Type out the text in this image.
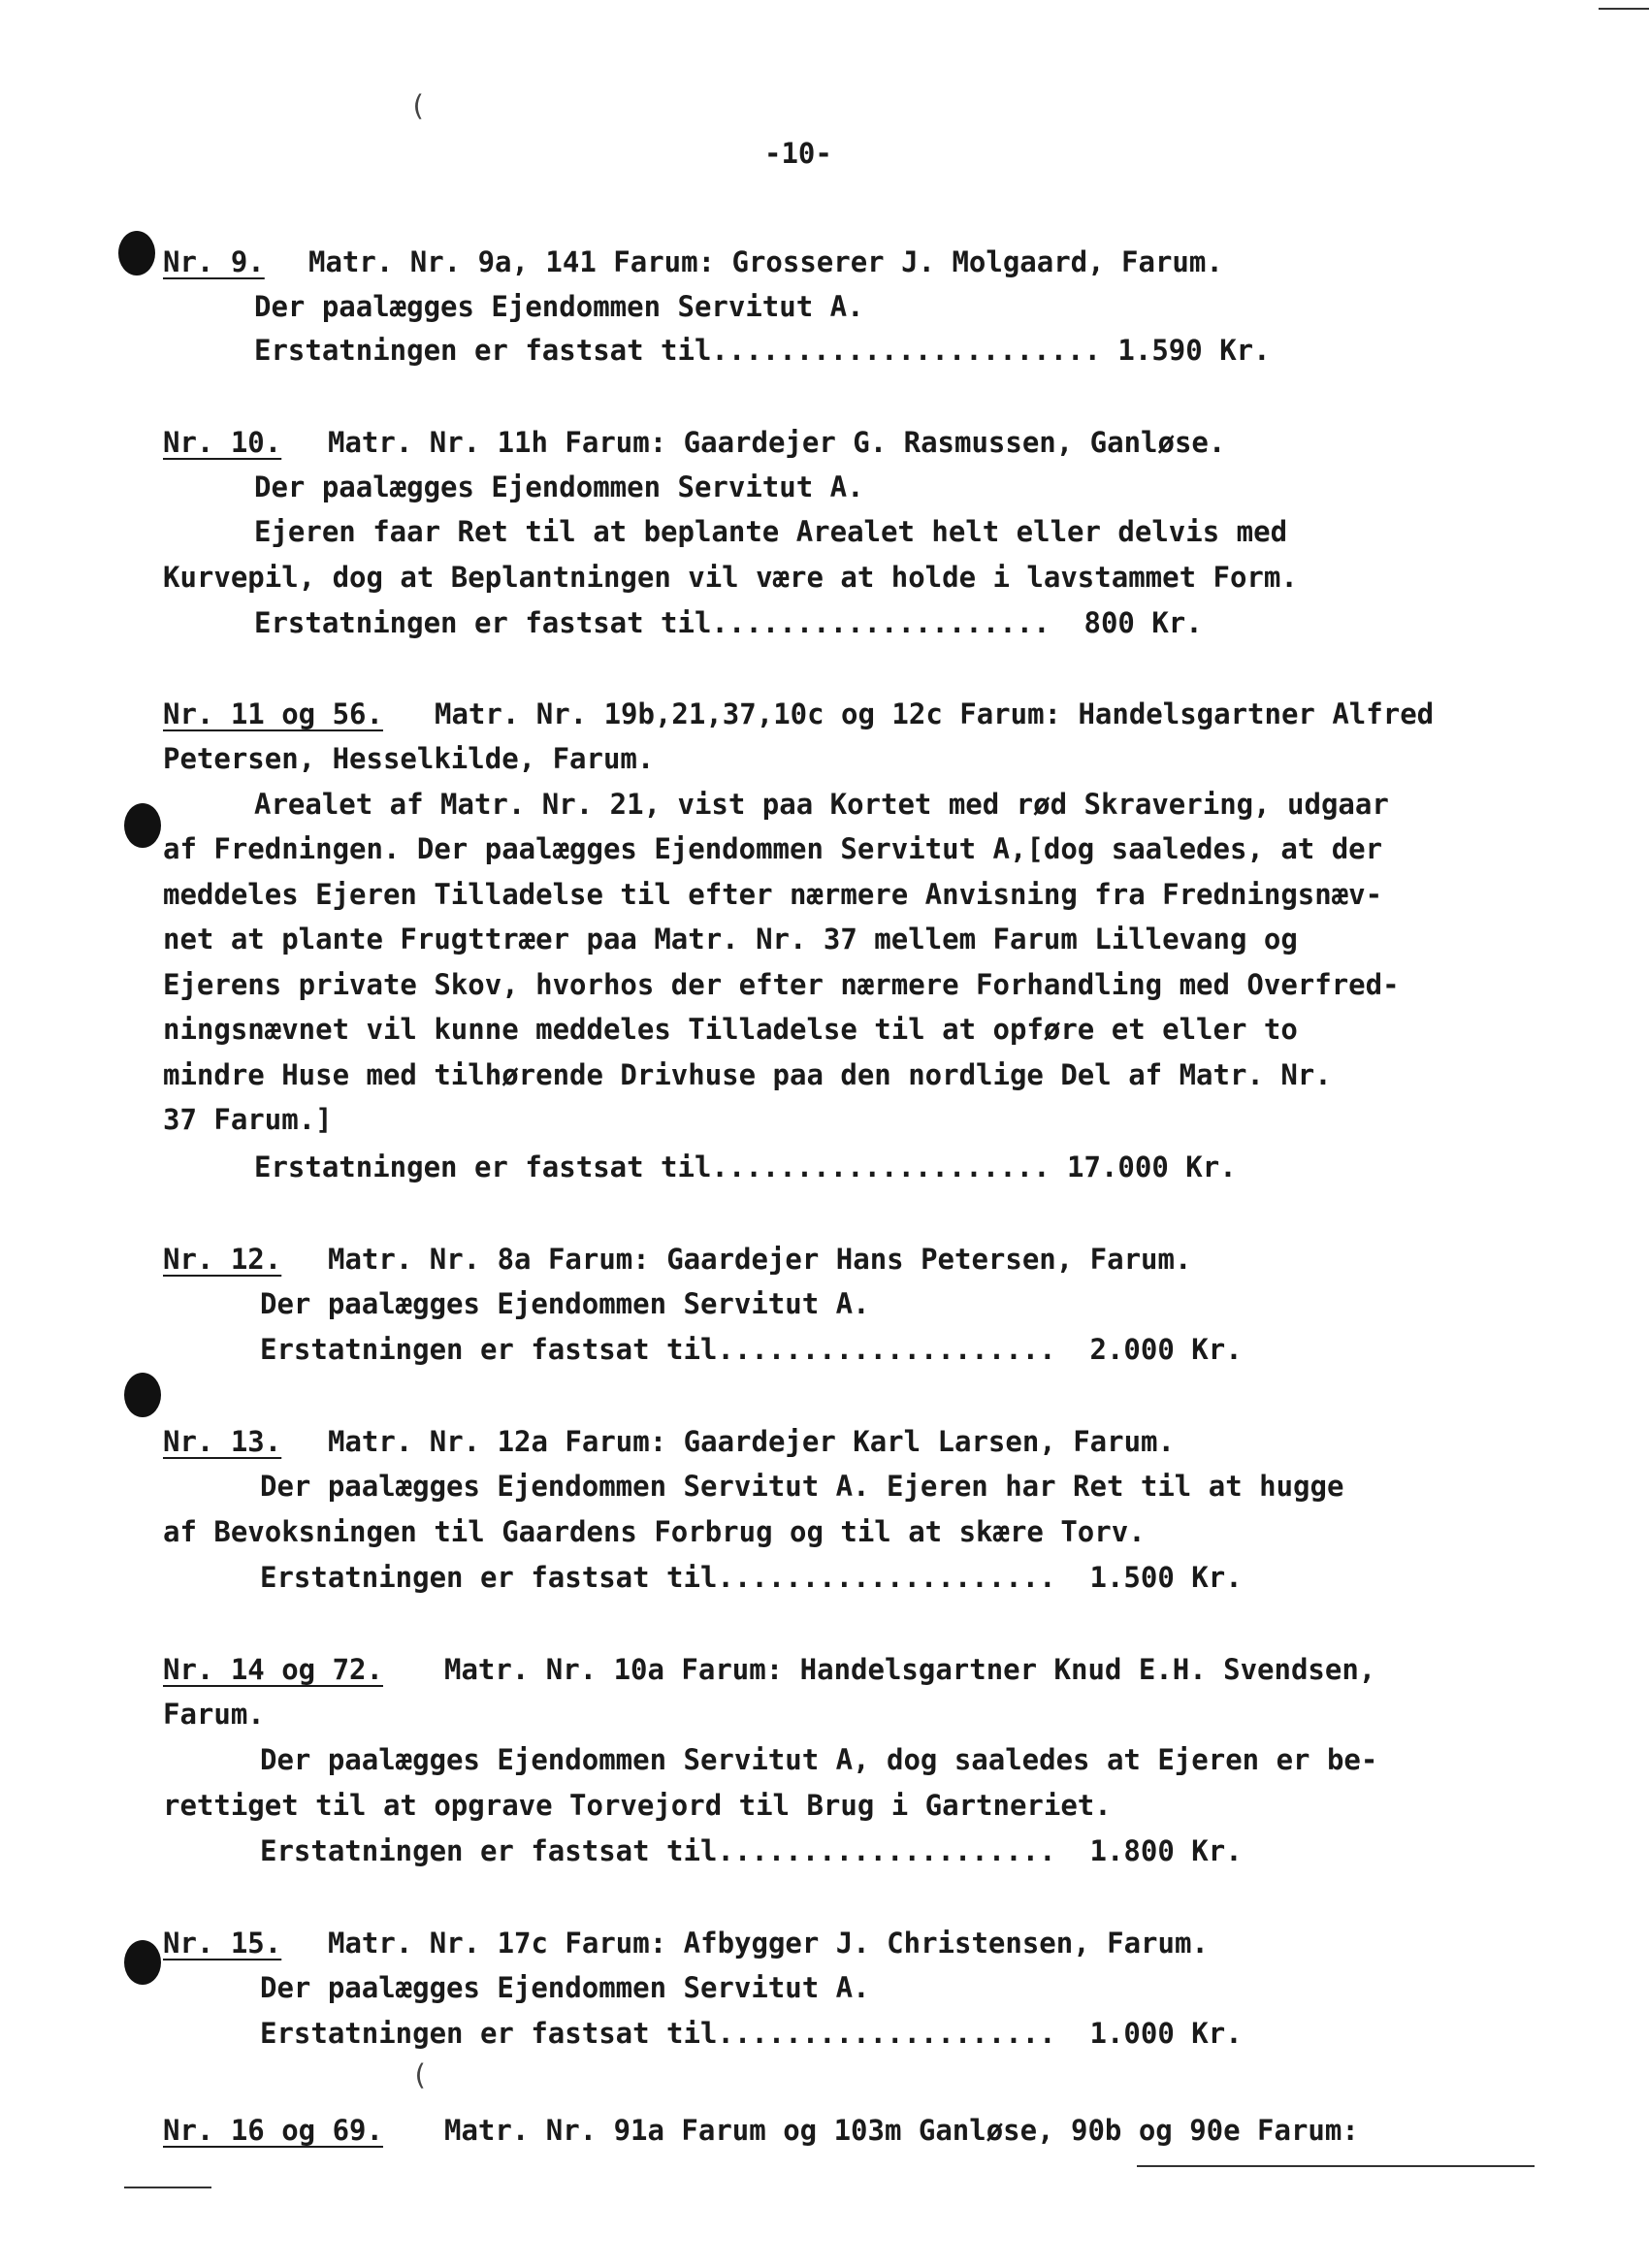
-10-
(
(
Nr. 9. Matr. Nr. 9a, 141 Farum: Grosserer J. Molgaard, Farum.
Der paalægges Ejendommen Servitut A.
Erstatningen er fastsat til....................... 1.590 Kr.
Nr. 10. Matr. Nr. 11h Farum: Gaardejer G. Rasmussen, Ganløse.
Der paalægges Ejendommen Servitut A.
Ejeren faar Ret til at beplante Arealet helt eller delvis med
Kurvepil, dog at Beplantningen vil være at holde i lavstammet Form.
Erstatningen er fastsat til....................  800 Kr.
Nr. 11 og 56. Matr. Nr. 19b,21,37,10c og 12c Farum: Handelsgartner Alfred
Petersen, Hesselkilde, Farum.
Arealet af Matr. Nr. 21, vist paa Kortet med rød Skravering, udgaar
af Fredningen. Der paalægges Ejendommen Servitut A,[dog saaledes, at der
meddeles Ejeren Tilladelse til efter nærmere Anvisning fra Fredningsnæv-
net at plante Frugttræer paa Matr. Nr. 37 mellem Farum Lillevang og
Ejerens private Skov, hvorhos der efter nærmere Forhandling med Overfred-
ningsnævnet vil kunne meddeles Tilladelse til at opføre et eller to
mindre Huse med tilhørende Drivhuse paa den nordlige Del af Matr. Nr.
37 Farum.]
Erstatningen er fastsat til.................... 17.000 Kr.
Nr. 12. Matr. Nr. 8a Farum: Gaardejer Hans Petersen, Farum.
Der paalægges Ejendommen Servitut A.
Erstatningen er fastsat til....................  2.000 Kr.
Nr. 13. Matr. Nr. 12a Farum: Gaardejer Karl Larsen, Farum.
Der paalægges Ejendommen Servitut A. Ejeren har Ret til at hugge
af Bevoksningen til Gaardens Forbrug og til at skære Torv.
Erstatningen er fastsat til....................  1.500 Kr.
Nr. 14 og 72. Matr. Nr. 10a Farum: Handelsgartner Knud E.H. Svendsen,
Farum.
Der paalægges Ejendommen Servitut A, dog saaledes at Ejeren er be-
rettiget til at opgrave Torvejord til Brug i Gartneriet.
Erstatningen er fastsat til....................  1.800 Kr.
Nr. 15. Matr. Nr. 17c Farum: Afbygger J. Christensen, Farum.
Der paalægges Ejendommen Servitut A.
Erstatningen er fastsat til....................  1.000 Kr.
Nr. 16 og 69. Matr. Nr. 91a Farum og 103m Ganløse, 90b og 90e Farum:
